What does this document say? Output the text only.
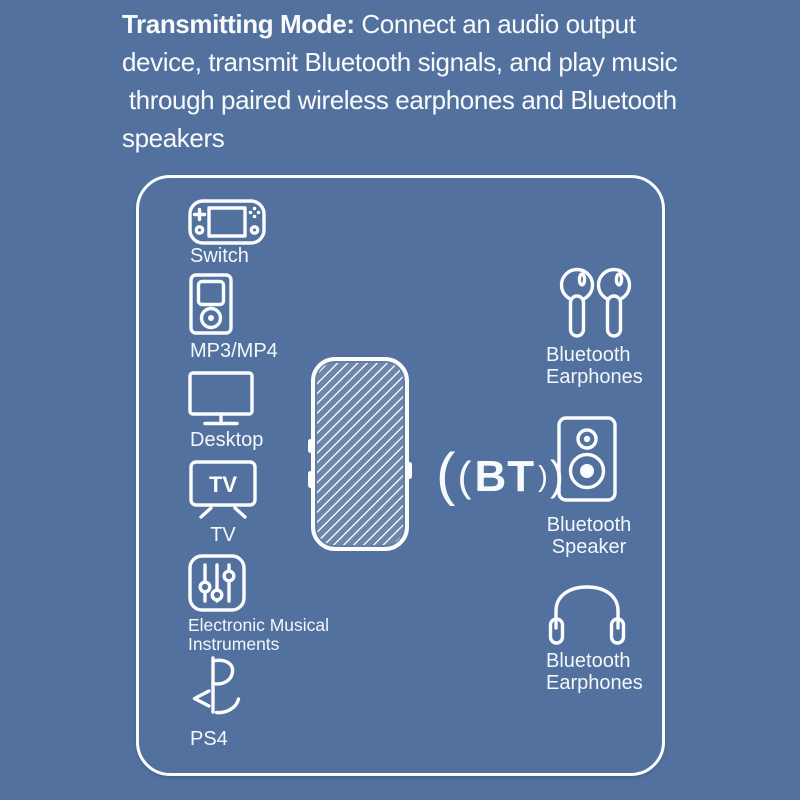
Transmitting Mode: Connect an audio output
device, transmit Bluetooth signals, and play music
through paired wireless earphones and Bluetooth
speakers
Switch
MP3/MP4
Desktop
TV
TV
Electronic Musical
Instruments
PS4
( ( BT ) )
Bluetooth
Earphones
Bluetooth
Speaker
Bluetooth
Earphones
